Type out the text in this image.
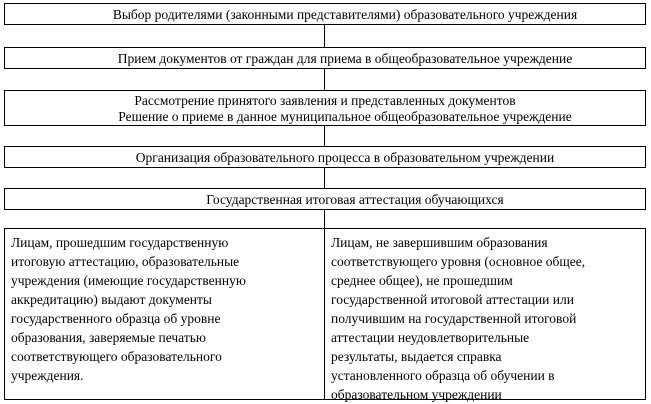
Выбор родителями (законными представителями) образовательного учреждения
Прием документов от граждан для приема в общеобразовательное учреждение
Рассмотрение принятого заявления и представленных документов
Решение о приеме в данное муниципальное общеобразовательное учреждение
Организация образовательного процесса в образовательном учреждении
Государственная итоговая аттестация обучающихся
Лицам, прошедшим государственную
итоговую аттестацию, образовательные
учреждения (имеющие государственную
аккредитацию) выдают документы
государственного образца об уровне
образования, заверяемые печатью
соответствующего образовательного
учреждения.
Лицам, не завершившим образования
соответствующего уровня (основное общее,
среднее общее), не прошедшим
государственной итоговой аттестации или
получившим на государственной итоговой
аттестации неудовлетворительные
результаты, выдается справка
установленного образца об обучении в
образовательном учреждении
